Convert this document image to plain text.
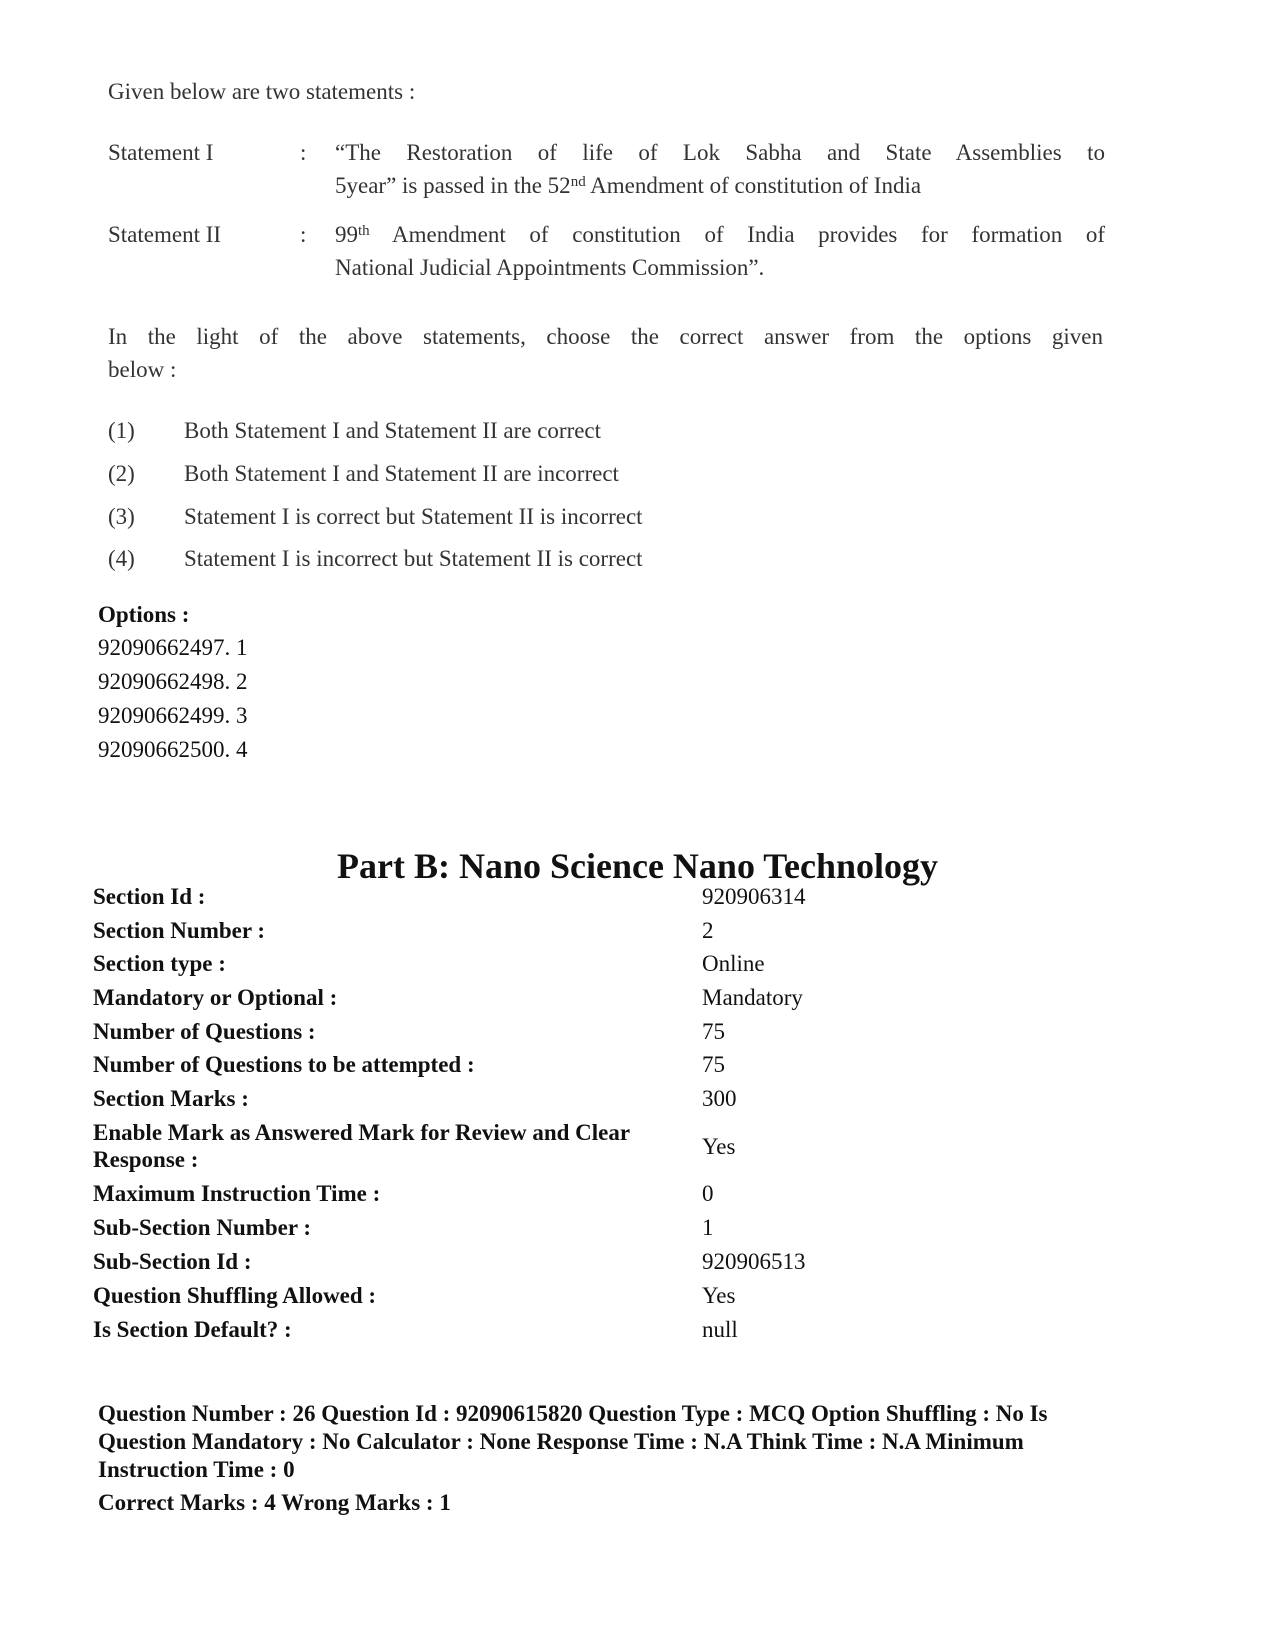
Given below are two statements :
Statement I	: “The Restoration of life of Lok Sabha and State Assemblies to
5year” is passed in the 52nd Amendment of constitution of India
Statement II	: 99th Amendment of constitution of India provides for formation of
National Judicial Appointments Commission”.
In the light of the above statements, choose the correct answer from the options given
below :
(1) Both Statement I and Statement II are correct
(2) Both Statement I and Statement II are incorrect
(3) Statement I is correct but Statement II is incorrect
(4) Statement I is incorrect but Statement II is correct
Options :
92090662497. 1
92090662498. 2
92090662499. 3
92090662500. 4
Part B: Nano Science Nano Technology
Section Id :	920906314
Section Number :	2
Section type :	Online
Mandatory or Optional :	Mandatory
Number of Questions :	75
Number of Questions to be attempted :	75
Section Marks :	300
Enable Mark as Answered Mark for Review and Clear
Response :
Yes
Maximum Instruction Time :	0
Sub-Section Number :	1
Sub-Section Id :	920906513
Question Shuffling Allowed :	Yes
Is Section Default? :	null
Question Number : 26 Question Id : 92090615820 Question Type : MCQ Option Shuffling : No Is
Question Mandatory : No Calculator : None Response Time : N.A Think Time : N.A Minimum
Instruction Time : 0
Correct Marks : 4 Wrong Marks : 1
